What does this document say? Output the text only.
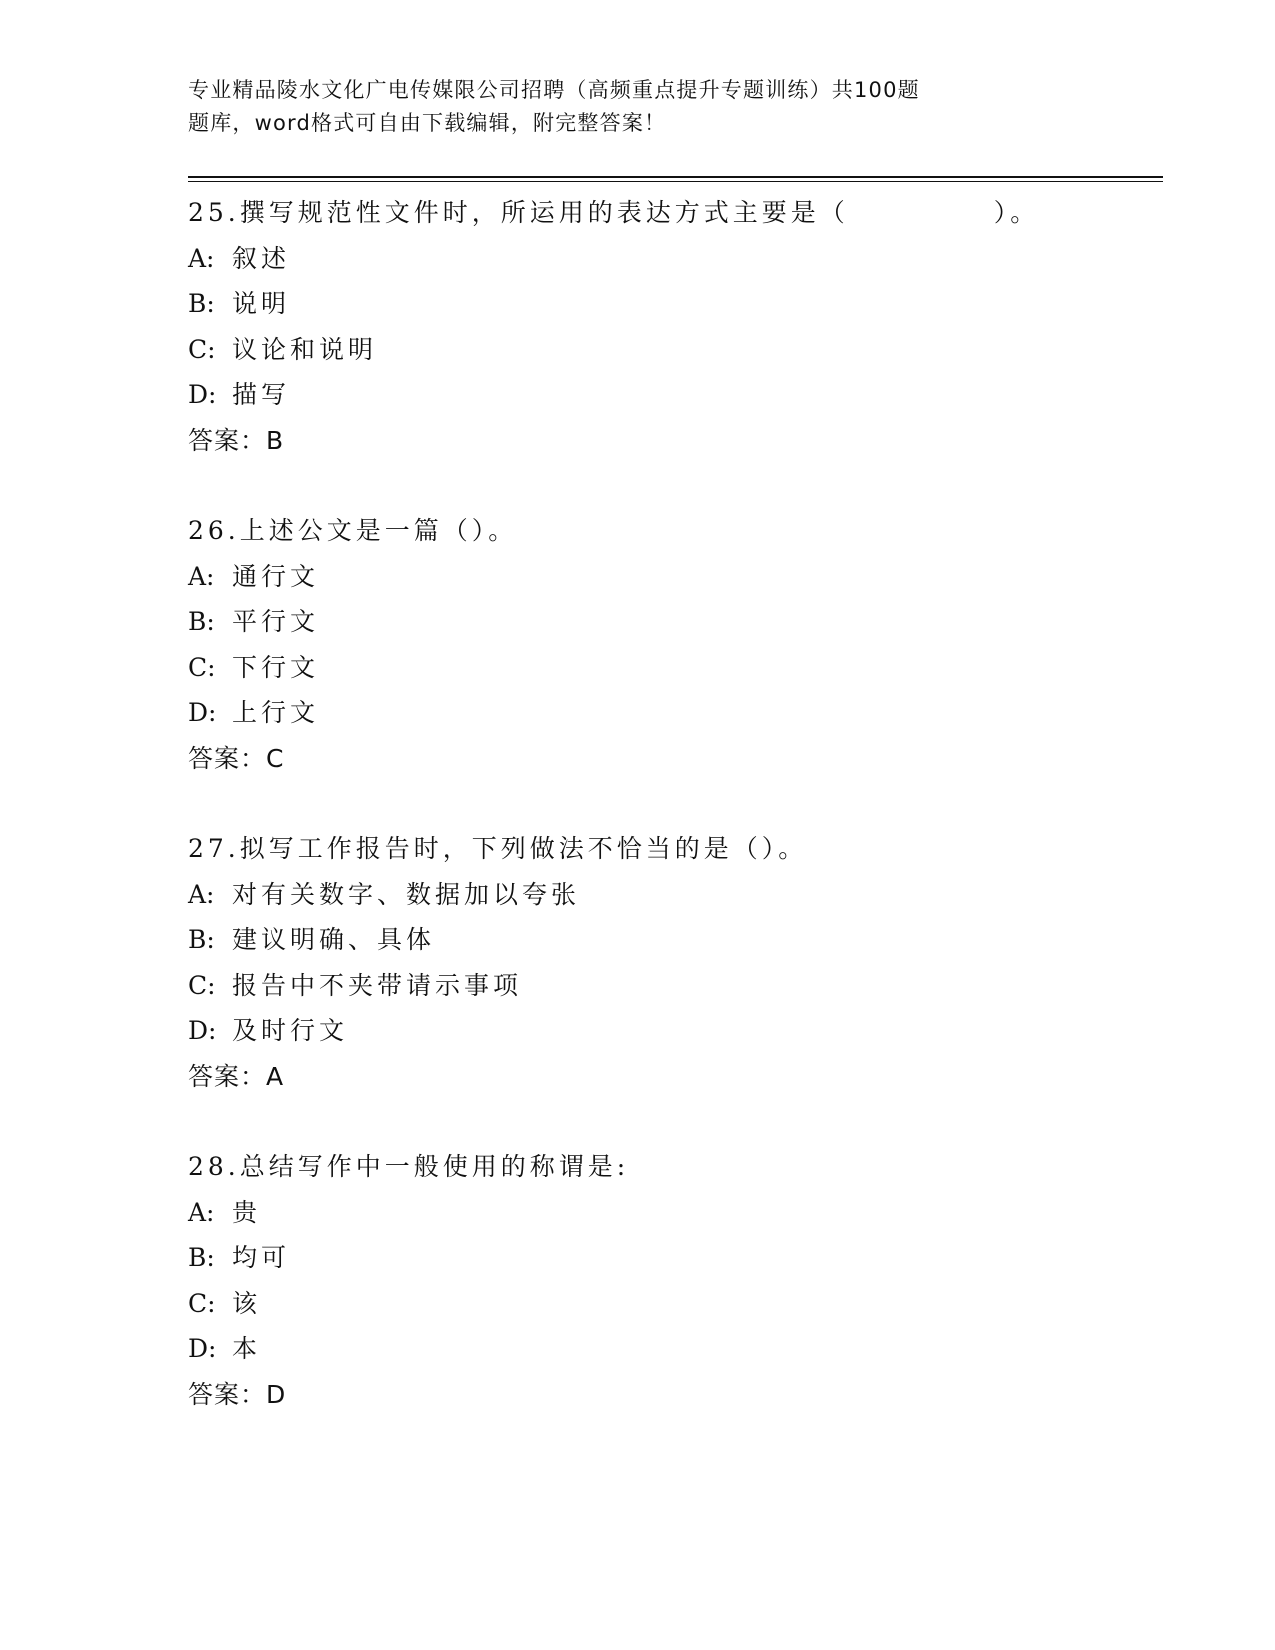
专业精品陵水文化广电传媒限公司招聘（高频重点提升专题训练）共100题
题库，word格式可自由下载编辑，附完整答案！
25.撰写规范性文件时，所运用的表达方式主要是（　　　　　）。
A: 叙述
B: 说明
C: 议论和说明
D: 描写
答案：B
26.上述公文是一篇（）。
A: 通行文
B: 平行文
C: 下行文
D: 上行文
答案：C
27.拟写工作报告时，下列做法不恰当的是（）。
A: 对有关数字、数据加以夸张
B: 建议明确、具体
C: 报告中不夹带请示事项
D: 及时行文
答案：A
28.总结写作中一般使用的称谓是:
A: 贵
B: 均可
C: 该
D: 本
答案：D
